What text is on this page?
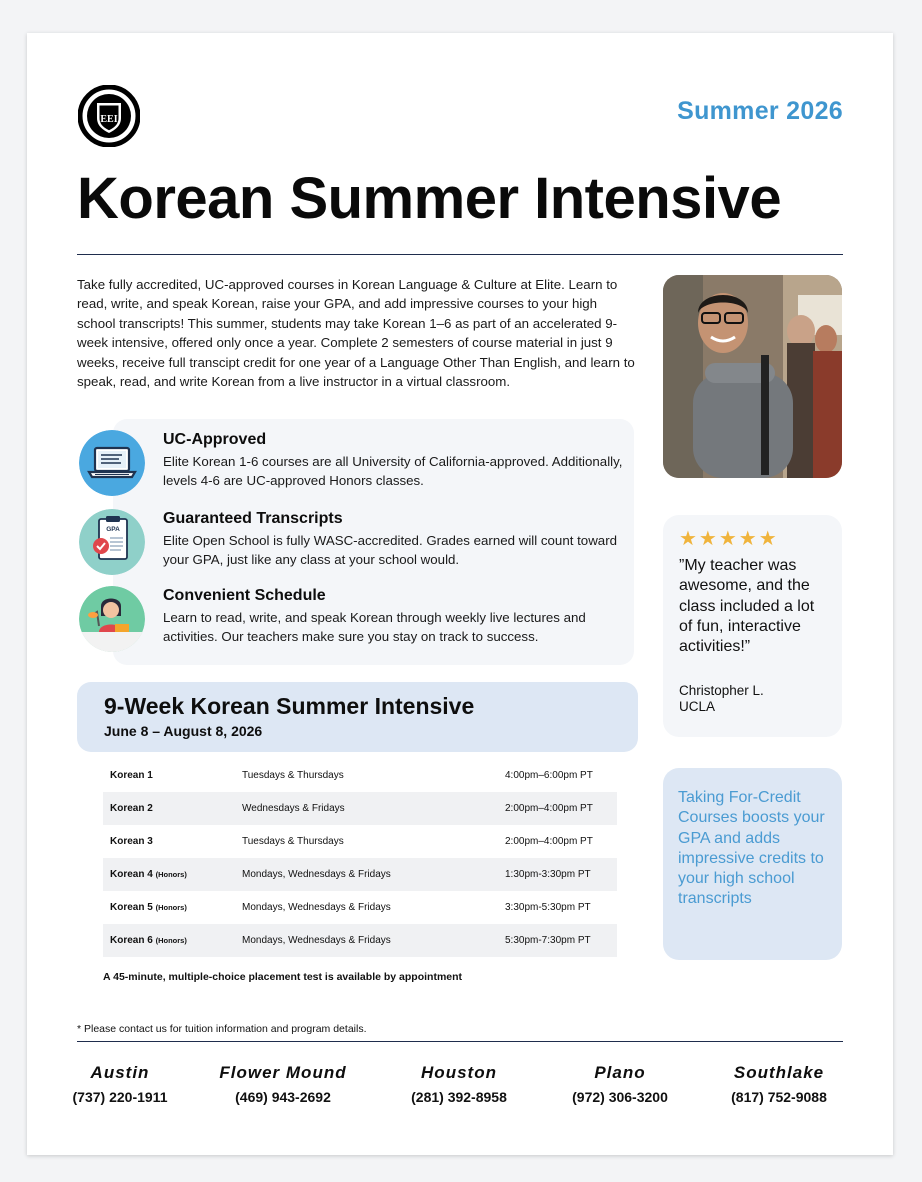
EEI	Summer 2026
Korean Summer Intensive
Take fully accredited, UC-approved courses in Korean Language & Culture at Elite. Learn to read, write, and speak Korean, raise your GPA, and add impressive courses to your high school transcripts! This summer, students may take Korean 1–6 as part of an accelerated 9-week intensive, offered only once a year. Complete 2 semesters of course material in just 9 weeks, receive full transcipt credit for one year of a Language Other Than English, and learn to speak, read, and write Korean from a live instructor in a virtual classroom.
UC-Approved
Elite Korean 1-6 courses are all University of California-approved. Additionally, levels 4-6 are UC-approved Honors classes.
GPA
Guaranteed Transcripts
Elite Open School is fully WASC-accredited. Grades earned will count toward your GPA, just like any class at your school would.
Convenient Schedule
Learn to read, write, and speak Korean through weekly live lectures and activities. Our teachers make sure you stay on track to success.
9-Week Korean Summer Intensive
June 8 – August 8, 2026
Korean 1	Tuesdays & Thursdays	4:00pm–6:00pm PT
Korean 2	Wednesdays & Fridays	2:00pm–4:00pm PT
Korean 3	Tuesdays & Thursdays	2:00pm–4:00pm PT
Korean 4 (Honors)	Mondays, Wednesdays & Fridays	1:30pm-3:30pm PT
Korean 5 (Honors)	Mondays, Wednesdays & Fridays	3:30pm-5:30pm PT
Korean 6 (Honors)	Mondays, Wednesdays & Fridays	5:30pm-7:30pm PT
A 45-minute, multiple-choice placement test is available by appointment
* Please contact us for tuition information and program details.
Austin
(737) 220-1911
Flower Mound
(469) 943-2692
Houston
(281) 392-8958
Plano
(972) 306-3200
Southlake
(817) 752-9088
★★★★★
”My teacher was awesome, and the class included a lot of fun, interactive activities!”
Christopher L.
UCLA
Taking For-Credit Courses boosts your GPA and adds impressive credits to your high school transcripts
